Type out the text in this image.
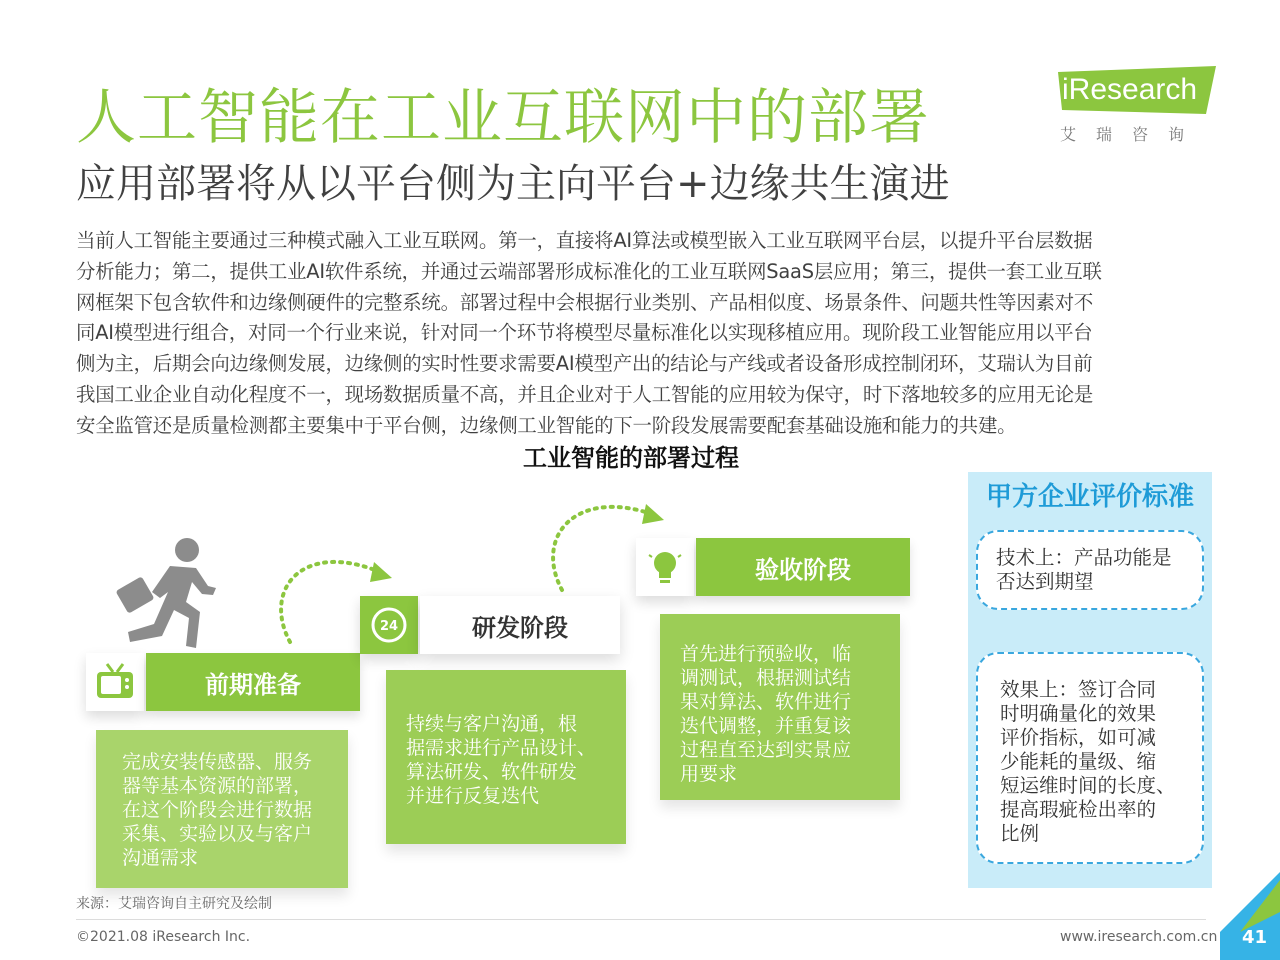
人工智能在工业互联网中的部署
应用部署将从以平台侧为主向平台+边缘共生演进
iResearch
艾瑞咨询
当前人工智能主要通过三种模式融入工业互联网。第一，直接将AI算法或模型嵌入工业互联网平台层，以提升平台层数据
分析能力；第二，提供工业AI软件系统，并通过云端部署形成标准化的工业互联网SaaS层应用；第三，提供一套工业互联
网框架下包含软件和边缘侧硬件的完整系统。部署过程中会根据行业类别、产品相似度、场景条件、问题共性等因素对不
同AI模型进行组合，对同一个行业来说，针对同一个环节将模型尽量标准化以实现移植应用。现阶段工业智能应用以平台
侧为主，后期会向边缘侧发展，边缘侧的实时性要求需要AI模型产出的结论与产线或者设备形成控制闭环，艾瑞认为目前
我国工业企业自动化程度不一，现场数据质量不高，并且企业对于人工智能的应用较为保守，时下落地较多的应用无论是
安全监管还是质量检测都主要集中于平台侧，边缘侧工业智能的下一阶段发展需要配套基础设施和能力的共建。
工业智能的部署过程
前期准备
完成安装传感器、服务
器等基本资源的部署，
在这个阶段会进行数据
采集、实验以及与客户
沟通需求
24	研发阶段
持续与客户沟通，根
据需求进行产品设计、
算法研发、软件研发
并进行反复迭代
验收阶段
首先进行预验收，临
调测试，根据测试结
果对算法、软件进行
迭代调整，并重复该
过程直至达到实景应
用要求
甲方企业评价标准
技术上：产品功能是
否达到期望
效果上：签订合同
时明确量化的效果
评价指标，如可减
少能耗的量级、缩
短运维时间的长度、
提高瑕疵检出率的
比例
来源：艾瑞咨询自主研究及绘制
©2021.08 iResearch Inc.	www.iresearch.com.cn 41
